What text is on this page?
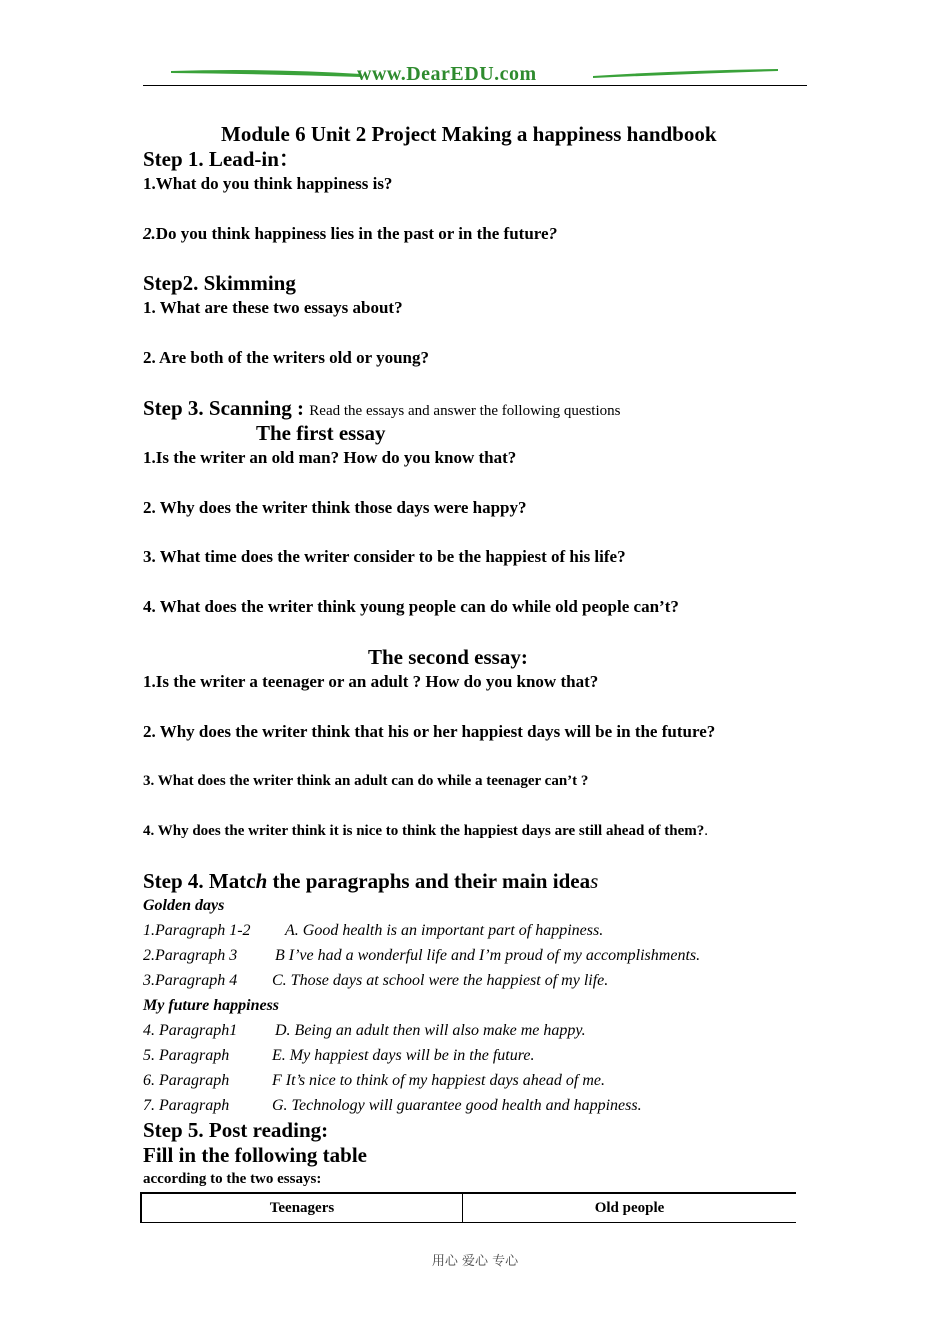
www.DearEDU.com
Module 6 Unit 2 Project Making a happiness handbook
Step 1. Lead-in：
1.What do you think happiness is?
2.Do you think happiness lies in the past or in the future?
Step2. Skimming
1. What are these two essays about?
2. Are both of the writers old or young?
Step 3. Scanning : Read the essays and answer the following questions
The first essay
1.Is the writer an old man? How do you know that?
2. Why does the writer think those days were happy?
3. What time does the writer consider to be the happiest of his life?
4. What does the writer think young people can do while old people can’t?
The second essay:
1.Is the writer a teenager or an adult ? How do you know that?
2. Why does the writer think that his or her happiest days will be in the future?
3. What does the writer think an adult can do while a teenager can’t ?
4. Why does the writer think it is nice to think the happiest days are still ahead of them?.
Step 4. Match the paragraphs and their main ideas
Golden days
1.Paragraph 1-2 A. Good health is an important part of happiness.
2.Paragraph 3 B I’ve had a wonderful life and I’m proud of my accomplishments.
3.Paragraph 4 C. Those days at school were the happiest of my life.
My future happiness
4. Paragraph1 D. Being an adult then will also make me happy.
5. Paragraph	E. My happiest days will be in the future.
6. Paragraph	F It’s nice to think of my happiest days ahead of me.
7. Paragraph	G. Technology will guarantee good health and happiness.
Step 5. Post reading:
Fill in the following table
according to the two essays:
Teenagers	Old people
用心 爱心 专心
